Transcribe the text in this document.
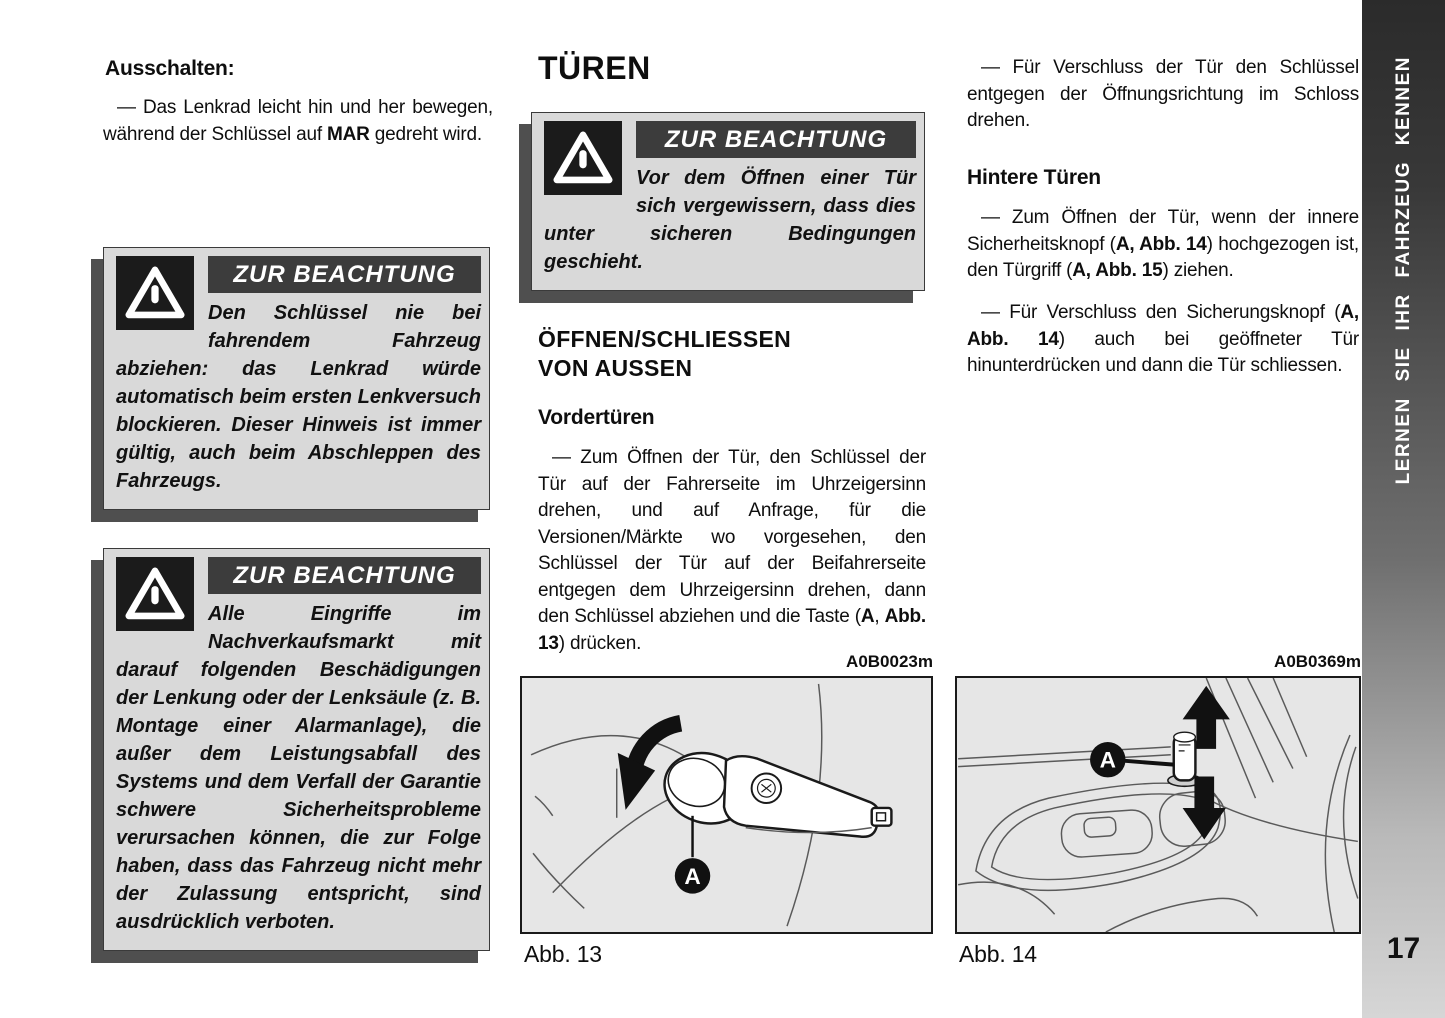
Ausschalten:
— Das Lenkrad leicht hin und her bewegen, während der Schlüssel auf MAR gedreht wird.
ZUR BEACHTUNG
Den Schlüssel nie bei fahrendem Fahrzeug abziehen: das Lenkrad würde automatisch beim ersten Lenkversuch blockieren. Dieser Hinweis ist immer gültig, auch beim Abschleppen des Fahrzeugs.
ZUR BEACHTUNG
Alle Eingriffe im Nachverkaufsmarkt mit darauf folgenden Beschädigungen der Lenkung oder der Lenksäule (z. B. Montage einer Alarmanlage), die außer dem Leistungsabfall des Systems und dem Verfall der Garantie schwere Sicherheitsprobleme verursachen können, die zur Folge haben, dass das Fahrzeug nicht mehr der Zulassung entspricht, sind ausdrücklich verboten.
TÜREN
ZUR BEACHTUNG
Vor dem Öffnen einer Tür sich vergewissern, dass dies unter sicheren Bedingungen geschieht.
ÖFFNEN/SCHLIESSEN
VON AUSSEN
Vordertüren
— Zum Öffnen der Tür, den Schlüssel der Tür auf der Fahrerseite im Uhrzeigersinn drehen, und auf Anfrage, für die Versionen/Märkte wo vorgesehen, den Schlüssel der Tür auf der Beifahrerseite entgegen dem Uhrzeigersinn drehen, dann den Schlüssel abziehen und die Taste (A, Abb. 13) drücken.
A0B0023m
A
Abb. 13
— Für Verschluss der Tür den Schlüssel entgegen der Öffnungsrichtung im Schloss drehen.
Hintere Türen
— Zum Öffnen der Tür, wenn der innere Sicherheitsknopf (A, Abb. 14) hochgezogen ist, den Türgriff (A, Abb. 15) ziehen.
— Für Verschluss den Sicherungsknopf (A, Abb. 14) auch bei geöffneter Tür hinunterdrücken und dann die Tür schliessen.
A0B0369m
A
Abb. 14
LERNEN SIE IHR FAHRZEUG KENNEN
17
